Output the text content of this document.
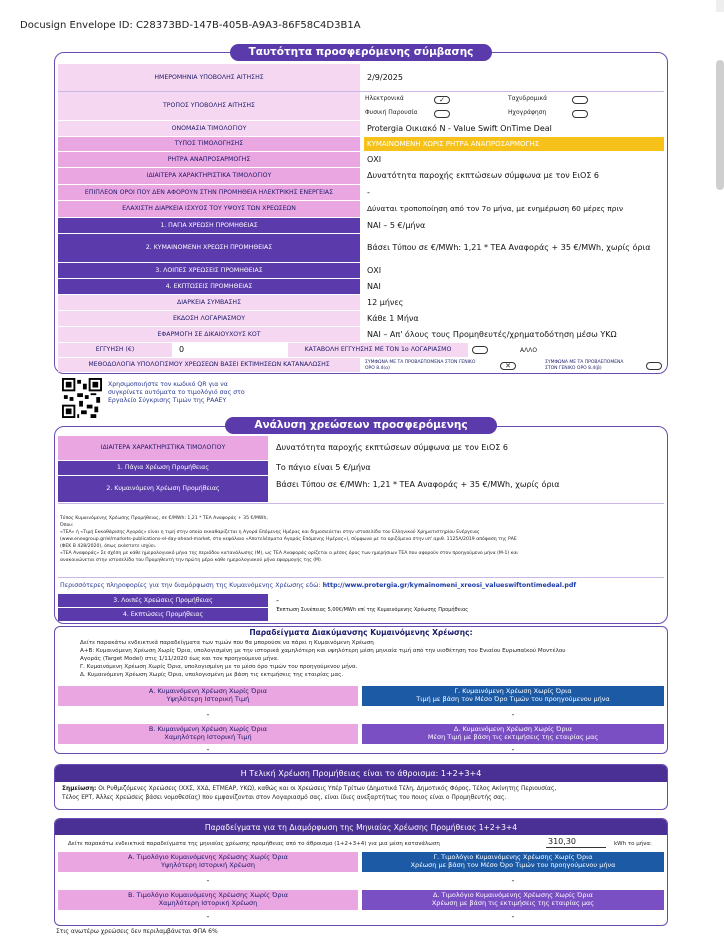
Docusign Envelope ID: C28373BD-147B-405B-A9A3-86F58C4D3B1A
Ταυτότητα προσφερόμενης σύμβασης
ΗΜΕΡΟΜΗΝΙΑ ΥΠΟΒΟΛΗΣ ΑΙΤΗΣΗΣ	2/9/2025
ΤΡΟΠΟΣ ΥΠΟΒΟΛΗΣ ΑΙΤΗΣΗΣ
Ηλεκτρονικά	✓	Ταχυδρομικά
Φυσική Παρουσία	Ηχογράφηση
ΟΝΟΜΑΣΙΑ ΤΙΜΟΛΟΓΙΟΥ	Protergia Οικιακό Ν - Value Swift OnTime Deal
ΤΥΠΟΣ ΤΙΜΟΛΟΓΗΣΗΣ	ΚΥΜΑΙΝΟΜΕΝΗ ΧΩΡΙΣ ΡΗΤΡΑ ΑΝΑΠΡΟΣΑΡΜΟΓΗΣ
ΡΗΤΡΑ ΑΝΑΠΡΟΣΑΡΜΟΓΗΣ	ΟΧΙ
ΙΔΙΑΙΤΕΡΑ ΧΑΡΑΚΤΗΡΙΣΤΙΚΑ ΤΙΜΟΛΟΓΙΟΥ	Δυνατότητα παροχής εκπτώσεων σύμφωνα με τον ΕιΟΣ 6
ΕΠΙΠΛΕΟΝ ΟΡΟΙ ΠΟΥ ΔΕΝ ΑΦΟΡΟΥΝ ΣΤΗΝ ΠΡΟΜΗΘΕΙΑ ΗΛΕΚΤΡΙΚΗΣ ΕΝΕΡΓΕΙΑΣ	-
ΕΛΑΧΙΣΤΗ ΔΙΑΡΚΕΙΑ ΙΣΧΥΟΣ ΤΟΥ ΥΨΟΥΣ ΤΩΝ ΧΡΕΩΣΕΩΝ	Δύναται τροποποίηση από τον 7ο μήνα, με ενημέρωση 60 μέρες πριν
1. ΠΑΓΙΑ ΧΡΕΩΣΗ ΠΡΟΜΗΘΕΙΑΣ	ΝΑΙ – 5 €/μήνα
2. ΚΥΜΑΙΝΟΜΕΝΗ ΧΡΕΩΣΗ ΠΡΟΜΗΘΕΙΑΣ	Βάσει Τύπου σε €/MWh: 1,21 * ΤΕΑ Αναφοράς + 35 €/MWh, χωρίς όρια
3. ΛΟΙΠΕΣ ΧΡΕΩΣΕΙΣ ΠΡΟΜΗΘΕΙΑΣ	ΟΧΙ
4. ΕΚΠΤΩΣΕΙΣ ΠΡΟΜΗΘΕΙΑΣ	ΝΑΙ
ΔΙΑΡΚΕΙΑ ΣΥΜΒΑΣΗΣ	12 μήνες
ΕΚΔΟΣΗ ΛΟΓΑΡΙΑΣΜΟΥ	Κάθε 1 Μήνα
ΕΦΑΡΜΟΓΗ ΣΕ ΔΙΚΑΙΟΥΧΟΥΣ ΚΟΤ	ΝΑΙ – Απ' όλους τους Προμηθευτές/χρηματοδότηση μέσω ΥΚΩ
ΕΓΓΥΗΣΗ (€)	0	ΚΑΤΑΒΟΛΗ ΕΓΓΥΗΣΗΣ ΜΕ ΤΟΝ 1ο ΛΟΓΑΡΙΑΣΜΟ	ΑΛΛΟ
ΜΕΘΟΔΟΛΟΓΙΑ ΥΠΟΛΟΓΙΣΜΟΥ ΧΡΕΩΣΕΩΝ ΒΑΣΕΙ ΕΚΤΙΜΗΣΕΩΝ ΚΑΤΑΝΑΛΩΣΗΣ	ΣΥΜΦΩΝΑ ΜΕ ΤΑ ΠΡΟΒΛΕΠΟΜΕΝΑ ΣΤΟΝ ΓΕΝΙΚΟ ΟΡΟ 8.4(α)	✕	ΣΥΜΦΩΝΑ ΜΕ ΤΑ ΠΡΟΒΛΕΠΟΜΕΝΑ ΣΤΟΝ ΓΕΝΙΚΟ ΟΡΟ 8.4(β)
Χρησιμοποιήστε τον κωδικό QR για να συγκρίνετε αυτόματα το τιμολόγιό σας στο Εργαλείο Σύγκρισης Τιμών της ΡΑΑΕΥ
Ανάλυση χρεώσεων προσφερόμενης σύμβασης
ΙΔΙΑΙΤΕΡΑ ΧΑΡΑΚΤΗΡΙΣΤΙΚΑ ΤΙΜΟΛΟΓΙΟΥ	Δυνατότητα παροχής εκπτώσεων σύμφωνα με τον ΕιΟΣ 6
1. Πάγια Χρέωση Προμήθειας	Το πάγιο είναι 5 €/μήνα
2. Κυμαινόμενη Χρέωση Προμήθειας	Βάσει Τύπου σε €/MWh: 1,21 * ΤΕΑ Αναφοράς + 35 €/MWh, χωρίς όρια
Τύπος Κυμαινόμενης Χρέωσης Προμήθειας, σε €/MWh: 1,21 * ΤΕΑ Αναφοράς + 35 €/MWh,
Όπου:
«ΤΕΑ» ή «Τιμή Εκκαθάρισης Αγοράς» είναι η τιμή στην οποία εκκαθαρίζεται η Αγορά Επόμενης Ημέρας και δημοσιεύεται στην ιστοσελίδα του Ελληνικού Χρηματιστηρίου Ενέργειας
(www.enexgroup.gr/el/markets-publications-el-day-ahead-market, στο κεφάλαιο «Αποτελέσματα Αγοράς Επόμενης Ημέρας»), σύμφωνα με τα οριζόμενα στην υπ' αριθ. 1125Α/2019 απόφαση της ΡΑΕ
(ΦΕΚ Β 428/2020), όπως εκάστοτε ισχύει.
«ΤΕΑ Αναφοράς» Σε σχέση με κάθε ημερολογιακό μήνα της περιόδου κατανάλωσης (Μ), ως ΤΕΑ Αναφοράς ορίζεται ο μέσος όρος των ημερήσιων ΤΕΑ που αφορούν στον προηγούμενο μήνα (Μ-1) και
ανακοινώνεται στην ιστοσελίδα του Προμηθευτή την πρώτη μέρα κάθε ημερολογιακού μήνα εφαρμογής της (Μ).
Περισσότερες πληροφορίες για την διαμόρφωση της Κυμαινόμενης Χρέωσης εδώ: http://www.protergia.gr/kymainomeni_xreosi_valueswiftontimedeal.pdf
3. Λοιπές Χρεώσεις Προμήθειας	-
4. Εκπτώσεις Προμήθειας
Έκπτωση Συνέπειας 5,00€/MWh επί της Κυμαινόμενης Χρέωσης Προμήθειας
Παραδείγματα Διακύμανσης Κυμαινόμενης Χρέωσης:
Δείτε παρακάτω ενδεικτικά παραδείγματα των τιμών που θα μπορούσε να πάρει η Κυμαινόμενη Χρέωση
Α+Β: Κυμαινόμενη Χρέωση Χωρίς Όρια, υπολογισμένη με την ιστορικά χαμηλότερη και υψηλότερη μέση μηνιαία τιμή από την υιοθέτηση του Ενιαίου Ευρωπαϊκού Μοντέλου
Αγοράς (Target Model) στις 1/11/2020 έως και τον προηγούμενο μήνα.
Γ. Κυμαινόμενη Χρέωση Χωρίς Όρια, υπολογισμένη με το μέσο όρο τιμών του προηγούμενου μήνα.
Δ. Κυμαινόμενη Χρέωση Χωρίς Όρια, υπολογισμένη με βάση τις εκτιμήσεις της εταιρίας μας.
Α. Κυμαινόμενη Χρέωση Χωρίς Όρια
Υψηλότερη Ιστορική Τιμή
Γ. Κυμαινόμενη Χρέωση Χωρίς Όρια
Τιμή με βάση τον Μέσο Όρο Τιμών του προηγούμενου μήνα
-	-
Β. Κυμαινόμενη Χρέωση Χωρίς Όρια
Χαμηλότερη Ιστορική Τιμή
Δ. Κυμαινόμενη Χρέωση Χωρίς Όρια
Μέση Τιμή με βάση τις εκτιμήσεις της εταιρίας μας
-	-
Η Τελική Χρέωση Προμήθειας είναι το άθροισμα: 1+2+3+4
Σημείωση: Οι Ρυθμιζόμενες Χρεώσεις (ΧΧΣ, ΧΧΔ, ΕΤΜΕΑΡ, ΥΚΩ), καθώς και οι Χρεώσεις Υπέρ Τρίτων (Δημοτικά Τέλη, Δημοτικός Φόρος, Τέλος Ακίνητης Περιουσίας,
Τέλος ΕΡΤ, Άλλες Χρεώσεις βάσει νομοθεσίας) που εμφανίζονται στον Λογαριασμό σας, είναι ίδιες ανεξαρτήτως του ποιος είναι ο Προμηθευτής σας.
Παραδείγματα για τη Διαμόρφωση της Μηνιαίας Χρέωσης Προμήθειας 1+2+3+4
Δείτε παρακάτω ενδεικτικά παραδείγματα της μηνιαίας χρέωσης προμήθειας από το άθροισμα (1+2+3+4) για μια μέση κατανάλωση	310,30	kWh το μήνα:
Α. Τιμολόγιο Κυμαινόμενης Χρέωσης Χωρίς Όρια
Υψηλότερη Ιστορική Χρέωση
Γ. Τιμολόγιο Κυμαινόμενης Χρέωσης Χωρίς Όρια
Χρέωση με βάση τον Μέσο Όρο Τιμών του προηγούμενου μήνα
-	-
Β. Τιμολόγιο Κυμαινόμενης Χρέωσης Χωρίς Όρια
Χαμηλότερη Ιστορική Χρέωση
Δ. Τιμολόγιο Κυμαινόμενης Χρέωσης Χωρίς Όρια
Χρέωση με βάση τις εκτιμήσεις της εταιρίας μας
-	-
Στις ανωτέρω χρεώσεις δεν περιλαμβάνεται ΦΠΑ 6%
